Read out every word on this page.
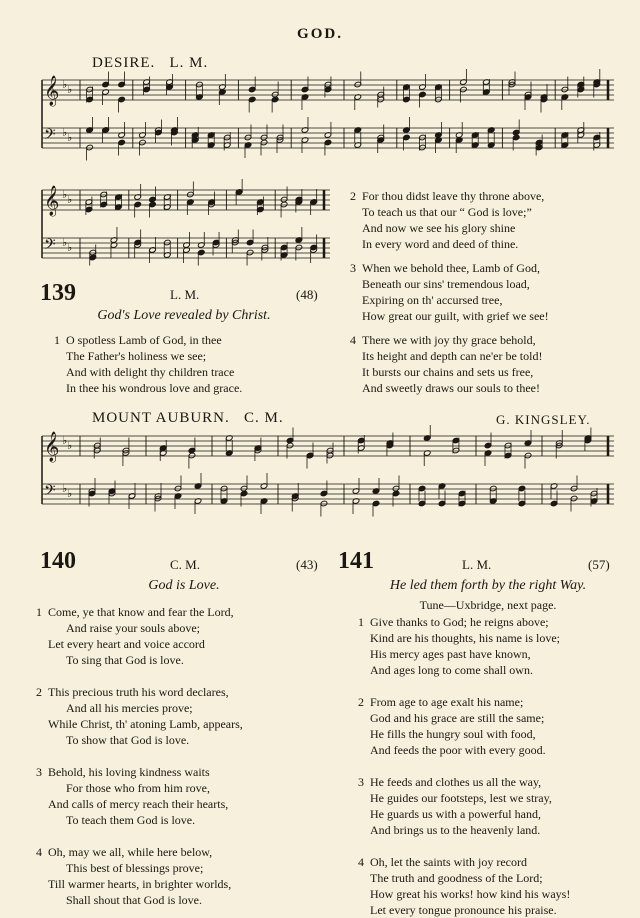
GOD.
DESIRE. L. M.
𝄞 ♭ ♭
𝄢 ♭ ♭
𝄞 ♭ ♭
𝄢 ♭ ♭
139	L. M.	(48)
God's Love revealed by Christ.
1 O spotless Lamb of God, in thee
The Father's holiness we see;
And with delight thy children trace
In thee his wondrous love and grace.
2 For thou didst leave thy throne above,
To teach us that our “ God is love;”
And now we see his glory shine
In every word and deed of thine.
3 When we behold thee, Lamb of God,
Beneath our sins' tremendous load,
Expiring on th' accursed tree,
How great our guilt, with grief we see!
4 There we with joy thy grace behold,
Its height and depth can ne'er be told!
It bursts our chains and sets us free,
And sweetly draws our souls to thee!
MOUNT AUBURN. C. M.	G. KINGSLEY.
𝄞 ♭ ♭
𝄢 ♭ ♭
140	C. M.	(43)
God is Love.
1 Come, ye that know and fear the Lord,
And raise your souls above;
Let every heart and voice accord
To sing that God is love.
2 This precious truth his word declares,
And all his mercies prove;
While Christ, th' atoning Lamb, appears,
To show that God is love.
3 Behold, his loving kindness waits
For those who from him rove,
And calls of mercy reach their hearts,
To teach them God is love.
4 Oh, may we all, while here below,
This best of blessings prove;
Till warmer hearts, in brighter worlds,
Shall shout that God is love.
141	L. M.	(57)
He led them forth by the right Way.
Tune—Uxbridge, next page.
1 Give thanks to God; he reigns above;
Kind are his thoughts, his name is love;
His mercy ages past have known,
And ages long to come shall own.
2 From age to age exalt his name;
God and his grace are still the same;
He fills the hungry soul with food,
And feeds the poor with every good.
3 He feeds and clothes us all the way,
He guides our footsteps, lest we stray,
He guards us with a powerful hand,
And brings us to the heavenly land.
4 Oh, let the saints with joy record
The truth and goodness of the Lord;
How great his works! how kind his ways!
Let every tongue pronounce his praise.
